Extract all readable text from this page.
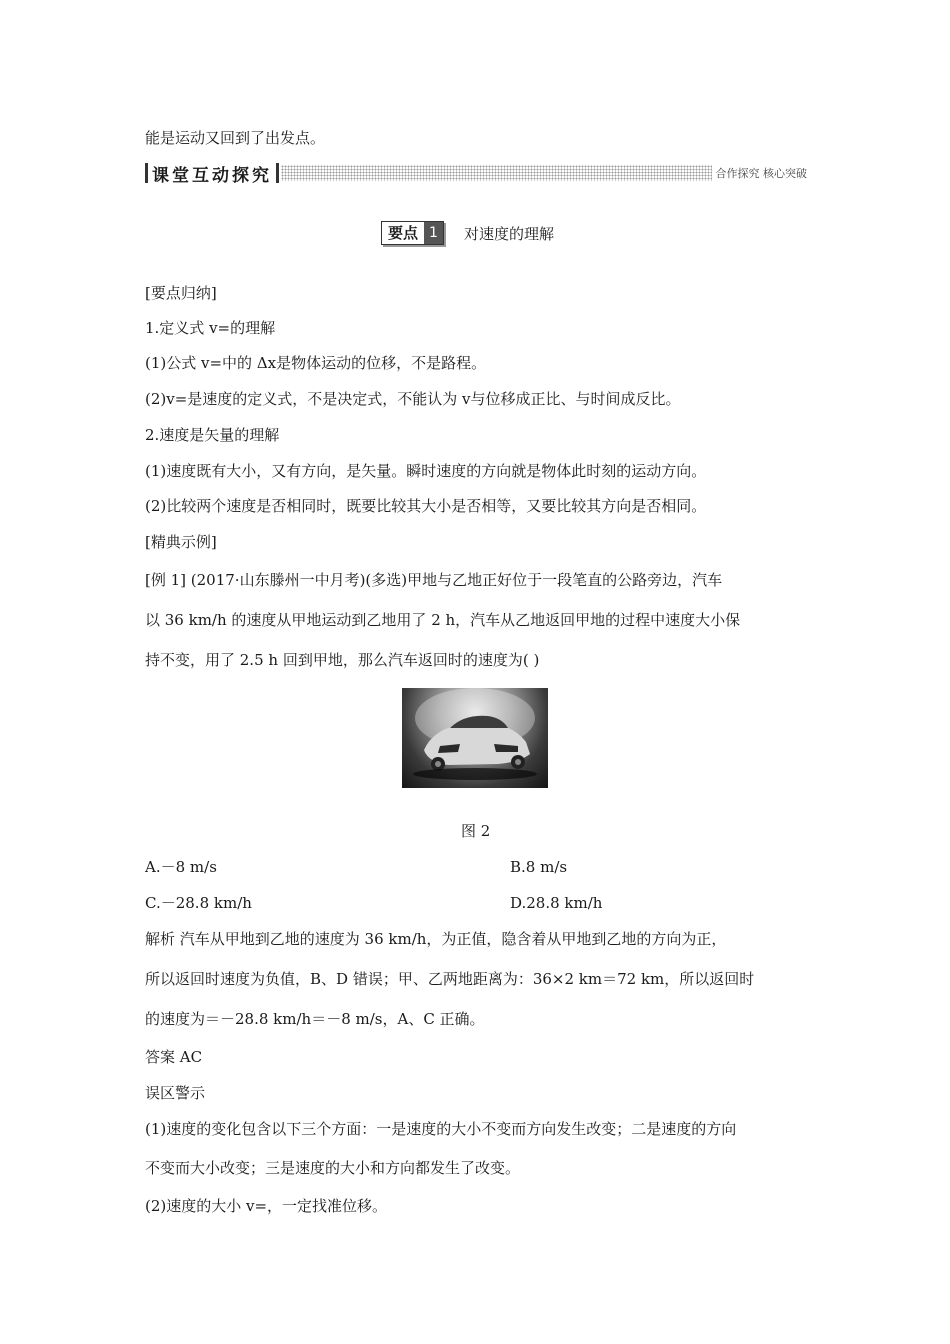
能是运动又回到了出发点。
课堂互动探究	合作探究 核心突破
要点 1	对速度的理解
[要点归纳]
1.定义式 v=的理解
(1)公式 v=中的 Δx是物体运动的位移，不是路程。
(2)v=是速度的定义式，不是决定式，不能认为 v与位移成正比、与时间成反比。
2.速度是矢量的理解
(1)速度既有大小，又有方向，是矢量。瞬时速度的方向就是物体此时刻的运动方向。
(2)比较两个速度是否相同时，既要比较其大小是否相等，又要比较其方向是否相同。
[精典示例]
[例 1] (2017·山东滕州一中月考)(多选)甲地与乙地正好位于一段笔直的公路旁边，汽车
以 36 km/h 的速度从甲地运动到乙地用了 2 h，汽车从乙地返回甲地的过程中速度大小保
持不变，用了 2.5 h 回到甲地，那么汽车返回时的速度为( )
图 2
A.－8 m/s	B.8 m/s
C.－28.8 km/h	D.28.8 km/h
解析 汽车从甲地到乙地的速度为 36 km/h，为正值，隐含着从甲地到乙地的方向为正，
所以返回时速度为负值，B、D 错误；甲、乙两地距离为：36×2 km＝72 km，所以返回时
的速度为＝－28.8 km/h＝－8 m/s，A、C 正确。
答案 AC
误区警示
(1)速度的变化包含以下三个方面：一是速度的大小不变而方向发生改变；二是速度的方向
不变而大小改变；三是速度的大小和方向都发生了改变。
(2)速度的大小 v=，一定找准位移。
